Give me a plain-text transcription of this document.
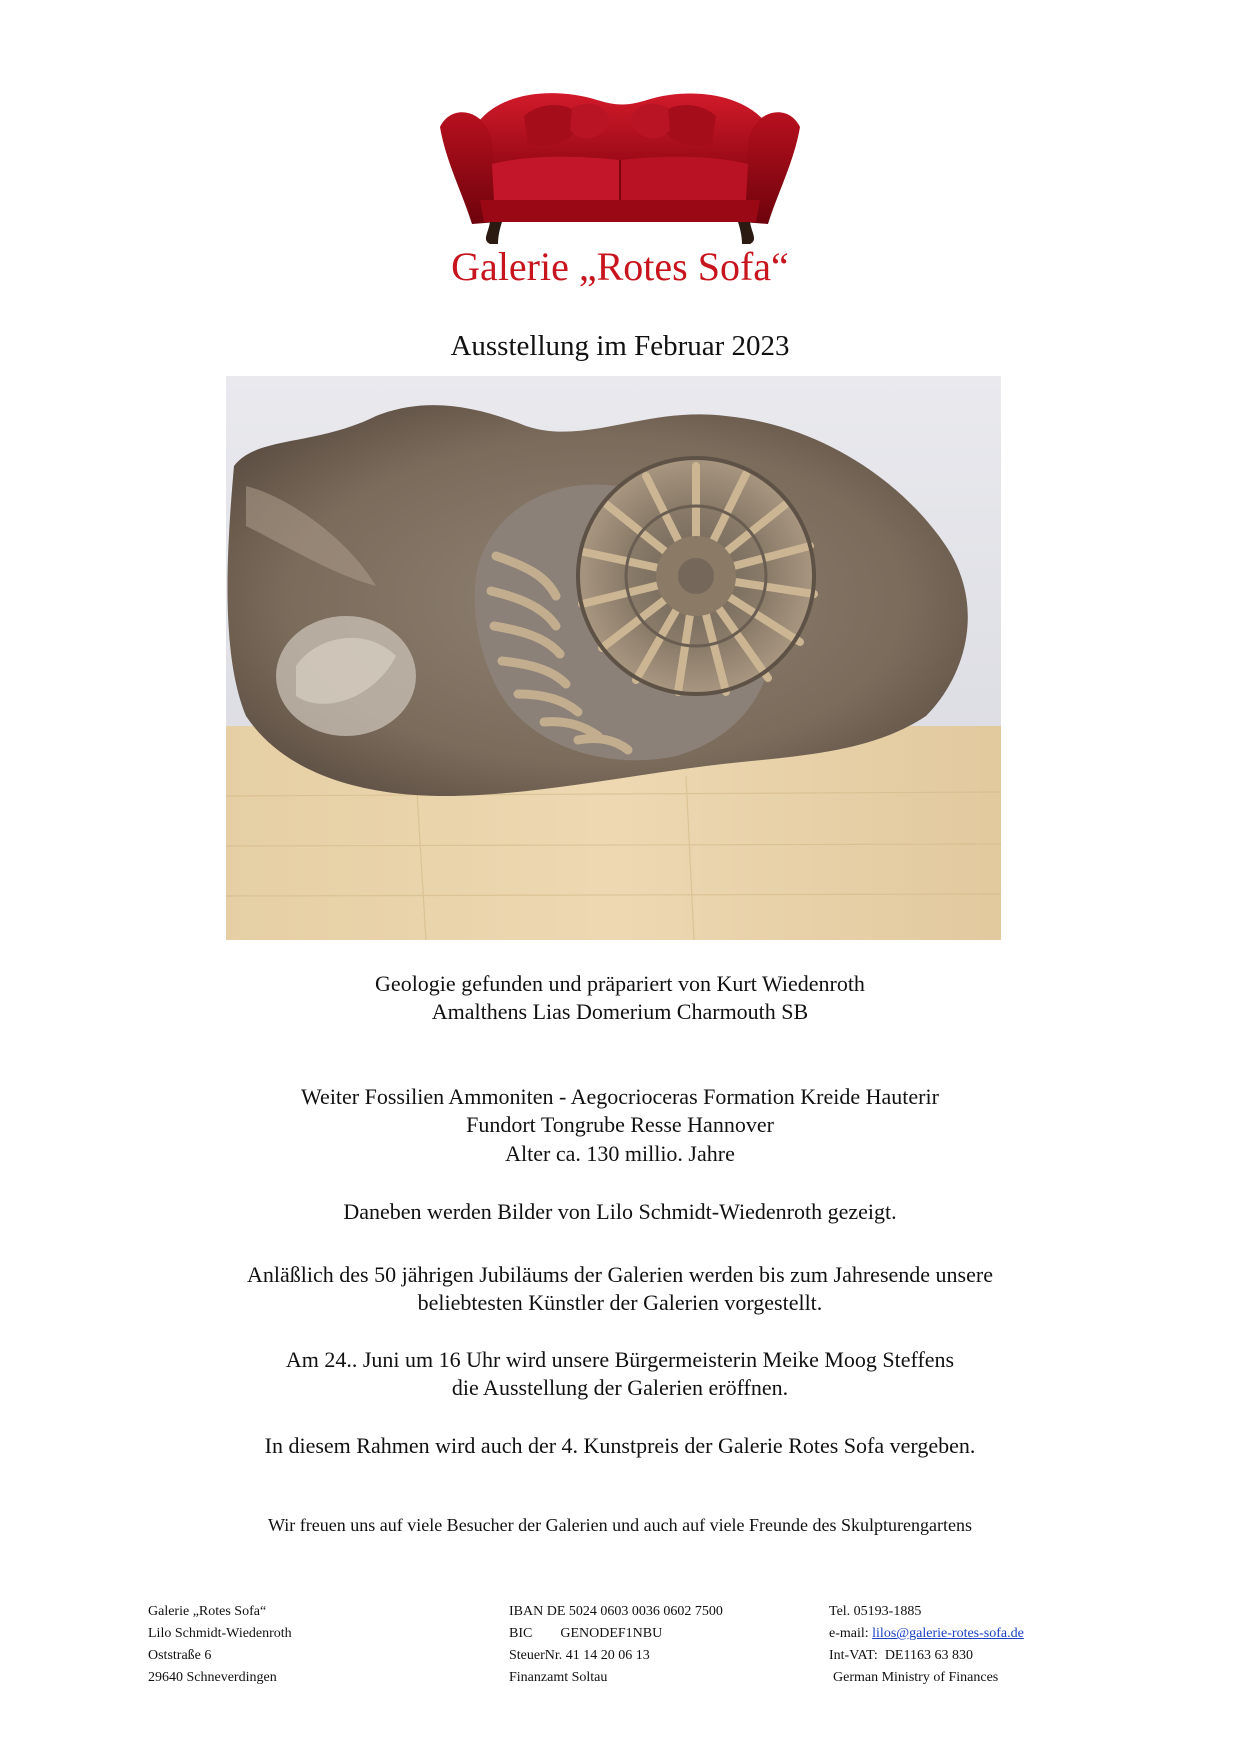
Galerie „Rotes Sofa“
Ausstellung im Februar 2023
Geologie gefunden und präpariert von Kurt Wiedenroth
Amalthens Lias Domerium Charmouth SB
Weiter Fossilien Ammoniten - Aegocrioceras Formation Kreide Hauterir
Fundort Tongrube Resse Hannover
Alter ca. 130 millio. Jahre
Daneben werden Bilder von Lilo Schmidt-Wiedenroth gezeigt.
Anläßlich des 50 jährigen Jubiläums der Galerien werden bis zum Jahresende unsere
beliebtesten Künstler der Galerien vorgestellt.
Am 24.. Juni um 16 Uhr wird unsere Bürgermeisterin Meike Moog Steffens
die Ausstellung der Galerien eröffnen.
In diesem Rahmen wird auch der 4. Kunstpreis der Galerie Rotes Sofa vergeben.
Wir freuen uns auf viele Besucher der Galerien und auch auf viele Freunde des Skulpturengartens
Galerie „Rotes Sofa“
Lilo Schmidt-Wiedenroth
Oststraße 6
29640 Schneverdingen
IBAN DE 5024 0603 0036 0602 7500
BIC        GENODEF1NBU
SteuerNr. 41 14 20 06 13
Finanzamt Soltau
Tel. 05193-1885
e-mail: lilos@galerie-rotes-sofa.de
Int-VAT:  DE1163 63 830
German Ministry of Finances
